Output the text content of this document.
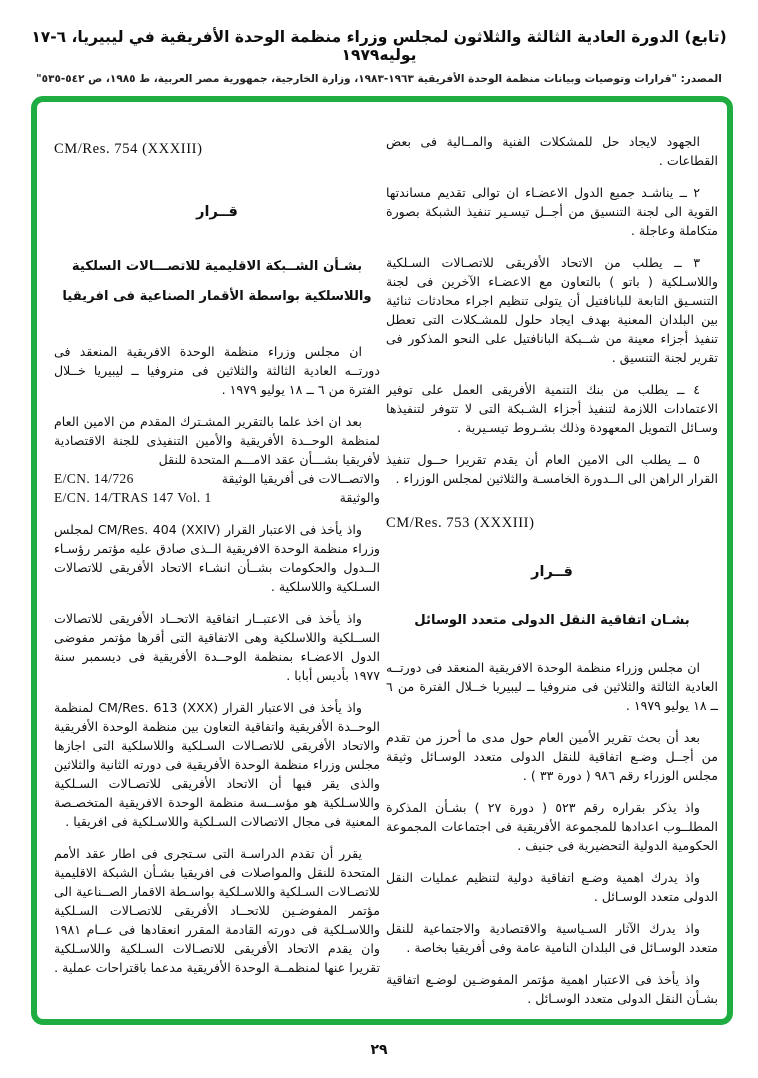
(تابع) الدورة العادية الثالثة والثلاثون لمجلس وزراء منظمة الوحدة الأفريقية في ليبيريا، ٦-١٧ يوليه١٩٧٩
المصدر: "قرارات وتوصيات وبيانات منظمة الوحدة الأفريقية ١٩٦٣-١٩٨٣، وزارة الخارجية، جمهورية مصر العربية، ط ١٩٨٥، ص ٥٤٢-٥٣٥"
الجهود لايجاد حل للمشكلات الفنية والمــالية فى بعض القطاعات .
٢ ــ يناشـد جميع الدول الاعضـاء ان توالى تقديم مساندتها القوية الى لجنة التنسيق من أجــل تيسـير تنفيذ الشبكة بصورة متكاملة وعاجلة .
٣ ــ يطلب من الاتحاد الأفريقى للاتصـالات السـلكية واللاسـلكية ( باتو ) بالتعاون مع الاعضـاء الآخرين فى لجنة التنسـيق التابعة للبانافتيل أن يتولى تنظيم اجراء محادثات ثنائية بين البلدان المعنية بهدف ايجاد حلول للمشـكلات التى تعطل تنفيذ أجزاء معينة من شــبكة البانافتيل على النحو المذكور فى تقرير لجنة التنسيق .
٤ ــ يطلب من بنك التنمية الأفريقى العمل على توفير الاعتمادات اللازمة لتنفيذ أجزاء الشـبكة التى لا تتوفر لتنفيذها وسـائل التمويل المعهودة وذلك بشـروط تيسـيرية .
٥ ــ يطلب الى الامين العام أن يقدم تقريرا حــول تنفيذ القرار الراهن الى الــدورة الخامسـة والثلاثين لمجلس الوزراء .
CM/Res. 753 (XXXIII)
قــرار
بشـان اتفاقية النقل الدولى متعدد الوسائل
ان مجلس وزراء منظمة الوحدة الافريقية المنعقد فى دورتــه العادية الثالثة والثلاثين فى منروفيا ــ ليبيريا خــلال الفترة من ٦ ــ ١٨ يوليو ١٩٧٩ .
بعد أن بحث تقرير الأمين العام حول مدى ما أحرز من تقدم من أجــل وضـع اتفاقية للنقل الدولى متعدد الوسـائل وثيقة مجلس الوزراء رقم ٩٨٦ ( دورة ٣٣ ) .
واذ يذكر بقراره رقم ٥٢٣ ( دورة ٢٧ ) بشـأن المذكرة المطلــوب اعدادها للمجموعة الأفريقية فى اجتماعات المجموعة الحكومية الدولية التحضيرية فى جنيف .
واذ يدرك اهمية وضـع اتفاقية دولية لتنظيم عمليات النقل الدولى متعدد الوسـائل .
واذ يدرك الآثار السـياسية والاقتصادية والاجتماعية للنقل متعدد الوسـائل فى البلدان النامية عامة وفى أفريقيا بخاصة .
واذ يأخذ فى الاعتبار اهمية مؤتمر المفوضـين لوضـع اتفاقية بشـأن النقل الدولى متعدد الوسـائل .
CM/Res. 754 (XXXIII)
قــرار
بشـأن الشــبكة الاقليمية للاتصـــالات السلكية واللاسلكية بواسطة الأقمار الصناعية فى افريقيا
ان مجلس وزراء منظمة الوحدة الافريقية المنعقد فى دورتــه العادية الثالثة والثلاثين فى منروفيا ــ ليبيريا خــلال الفترة من ٦ ــ ١٨ يوليو ١٩٧٩ .
بعد ان اخذ علما بالتقرير المشـترك المقدم من الامين العام لمنظمة الوحــدة الأفريقية والأمين التنفيذى للجنة الاقتصادية لأفريقيا بشـــأن عقد الامـــم المتحدة للنقل
والاتصــالات فى أفريقيا الوثيقة
E/CN. 14/726
والوثيقة
E/CN. 14/TRAS 147 Vol. 1
واذ يأخذ فى الاعتبار القرار CM/Res. 404 (XXIV) لمجلس وزراء منظمة الوحدة الافريقية الــذى صادق عليه مؤتمر رؤسـاء الــدول والحكومات بشــأن انشـاء الاتحاد الأفريقى للاتصالات السـلكية واللاسلكية .
واذ يأخذ فى الاعتبــار اتفاقية الاتحــاد الأفريقى للاتصالات الســلكية واللاسلكية وهى الاتفاقية التى أقرها مؤتمر مفوضى الدول الاعضـاء بمنظمة الوحــدة الأفريقية فى ديسمبر سنة ١٩٧٧ بأديس أبابا .
واذ يأخذ فى الاعتبار القرار CM/Res. 613 (XXX) لمنظمة الوحــدة الأفريقية واتفاقية التعاون بين منظمة الوحدة الأفريقية والاتحاد الأفريقى للاتصـالات السـلكية واللاسلكية التى اجازها مجلس وزراء منظمة الوحدة الأفريقية فى دورته الثانية والثلاثين والذى يقر فيها أن الاتحاد الأفريقى للاتصـالات السـلكية واللاسـلكية هو مؤســسة منظمة الوحدة الافريقية المتخصـصة المعنية فى مجال الاتصالات السـلكية واللاسـلكية فى افريقيا .
يقرر أن تقدم الدراسـة التى سـتجرى فى اطار عقد الأمم المتحدة للنقل والمواصلات فى افريقيا بشـأن الشبكة الاقليمية للاتصـالات السـلكية واللاسـلكية بواسـطة الاقمار الصــناعية الى مؤتمر المفوضـين للاتحــاد الأفريقى للاتصـالات السـلكية واللاسـلكية فى دورته القادمة المقرر انعقادها فى عــام ١٩٨١ وان يقدم الاتحاد الأفريقى للاتصـالات السـلكية واللاسـلكية تقريرا عنها لمنظمــة الوحدة الأفريقية مدعما باقتراحات عملية .
٢٩
